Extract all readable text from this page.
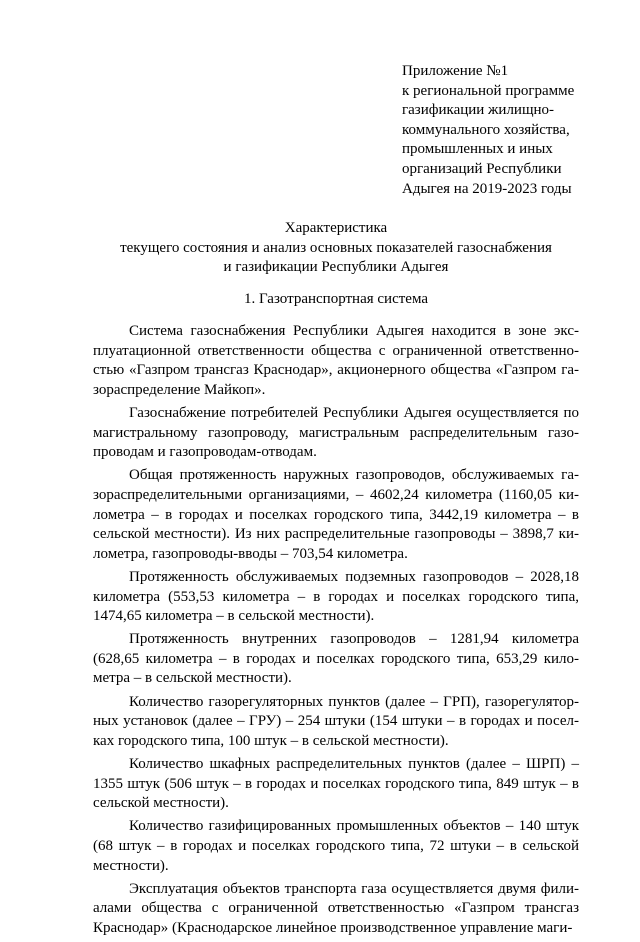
Приложение №1
к региональной программе
газификации жилищно-
коммунального хозяйства,
промышленных и иных
организаций Республики
Адыгея на 2019-2023 годы
Характеристика
текущего состояния и анализ основных показателей газоснабжения
и газификации Республики Адыгея
1. Газотранспортная система
Система газоснабжения Республики Адыгея находится в зоне экс-
плуатационной ответственности общества с ограниченной ответственно-
стью «Газпром трансгаз Краснодар», акционерного общества «Газпром га-
зораспределение Майкоп».
Газоснабжение потребителей Республики Адыгея осуществляется по
магистральному газопроводу, магистральным распределительным газо-
проводам и газопроводам-отводам.
Общая протяженность наружных газопроводов, обслуживаемых га-
зораспределительными организациями, – 4602,24 километра (1160,05 ки-
лометра – в городах и поселках городского типа, 3442,19 километра – в
сельской местности). Из них распределительные газопроводы – 3898,7 ки-
лометра, газопроводы-вводы – 703,54 километра.
Протяженность обслуживаемых подземных газопроводов – 2028,18
километра (553,53 километра – в городах и поселках городского типа,
1474,65 километра – в сельской местности).
Протяженность внутренних газопроводов – 1281,94 километра
(628,65 километра – в городах и поселках городского типа, 653,29 кило-
метра – в сельской местности).
Количество газорегуляторных пунктов (далее – ГРП), газорегулятор-
ных установок (далее – ГРУ) – 254 штуки (154 штуки – в городах и посел-
ках городского типа, 100 штук – в сельской местности).
Количество шкафных распределительных пунктов (далее – ШРП) –
1355 штук (506 штук – в городах и поселках городского типа, 849 штук – в
сельской местности).
Количество газифицированных промышленных объектов – 140 штук
(68 штук – в городах и поселках городского типа, 72 штуки – в сельской
местности).
Эксплуатация объектов транспорта газа осуществляется двумя фили-
алами общества с ограниченной ответственностью «Газпром трансгаз
Краснодар» (Краснодарское линейное производственное управление маги-
